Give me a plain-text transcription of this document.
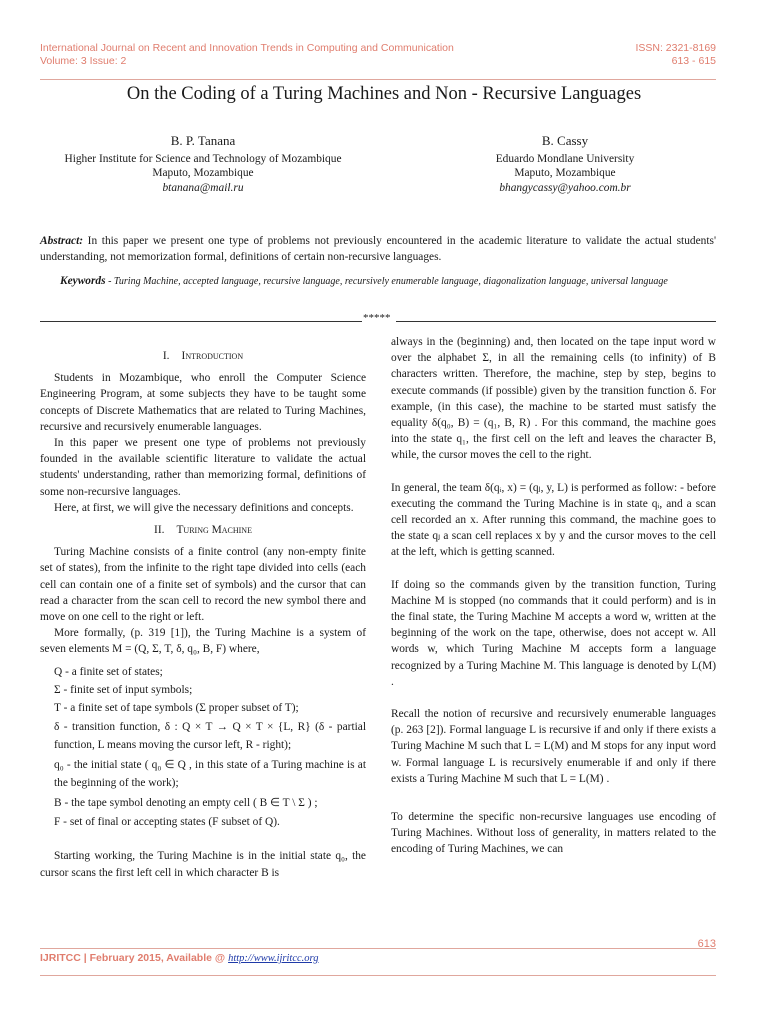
International Journal on Recent and Innovation Trends in Computing and Communication
Volume: 3 Issue: 2
ISSN: 2321-8169
613 - 615
On the Coding of a Turing Machines and Non - Recursive Languages
B. P. Tanana
Higher Institute for Science and Technology of Mozambique
Maputo, Mozambique
btanana@mail.ru
B. Cassy
Eduardo Mondlane University
Maputo, Mozambique
bhangycassy@yahoo.com.br
Abstract: In this paper we present one type of problems not previously encountered in the academic literature to validate the actual students' understanding, not memorization formal, definitions of certain non-recursive languages.
Keywords - Turing Machine, accepted language, recursive language, recursively enumerable language, diagonalization language, universal language
*****
I. Introduction

Students in Mozambique, who enroll the Computer Science Engineering Program, at some subjects they have to be taught some concepts of Discrete Mathematics that are related to Turing Machines, recursive and recursively enumerable languages.

In this paper we present one type of problems not previously founded in the available scientific literature to validate the actual students' understanding, rather than memorizing formal, definitions of some non-recursive languages.

Here, at first, we will give the necessary definitions and concepts.

II. Turing Machine

Turing Machine consists of a finite control (any non-empty finite set of states), from the infinite to the right tape divided into cells (each cell can contain one of a finite set of symbols) and the cursor that can read a character from the scan cell to record the new symbol there and move on one cell to the right or left.

More formally, (p. 319 [1]), the Turing Machine is a system of seven elements M = (Q, Σ, T, δ, q₀, B, F) where,

Q - a finite set of states;
Σ - finite set of input symbols;
T - a finite set of tape symbols (Σ proper subset of T);
δ - transition function, δ : Q × T → Q × T × {L, R} (δ - partial function, L means moving the cursor left, R - right);
q₀ - the initial state ( q₀ ∈ Q , in this state of a Turing machine is at the beginning of the work);
B - the tape symbol denoting an empty cell ( B ∈ T \ Σ ) ;
F - set of final or accepting states (F subset of Q).

Starting working, the Turing Machine is in the initial state q₀, the cursor scans the first left cell in which character B is

always in the (beginning) and, then located on the tape input word w over the alphabet Σ, in all the remaining cells (to infinity) of B characters written. Therefore, the machine, step by step, begins to execute commands (if possible) given by the transition function δ. For example, (in this case), the machine to be started must satisfy the equality δ(q₀, B) = (q₁, B, R) . For this command, the machine goes into the state q₁, the first cell on the left and leaves the character B, while, the cursor moves the cell to the right.

In general, the team δ(qᵢ, x) = (qⱼ, y, L) is performed as follow: - before executing the command the Turing Machine is in state qᵢ, and a scan cell recorded an x. After running this command, the machine goes to the state qⱼ a scan cell replaces x by y and the cursor moves to the cell at the left, which is getting scanned.

If doing so the commands given by the transition function, Turing Machine M is stopped (no commands that it could perform) and is in the final state, the Turing Machine M accepts a word w, written at the beginning of the work on the tape, otherwise, does not accept w. All words w, which Turing Machine M accepts form a language recognized by a Turing Machine M. This language is denoted by L(M) .

Recall the notion of recursive and recursively enumerable languages (p. 263 [2]). Formal language L is recursive if and only if there exists a Turing Machine M such that L = L(M) and M stops for any input word w. Formal language L is recursively enumerable if and only if there exists a Turing Machine M such that L = L(M) .

To determine the specific non-recursive languages use encoding of Turing Machines. Without loss of generality, in matters related to the encoding of Turing Machines, we can

613
IJRITCC | February 2015, Available @ http://www.ijritcc.org
